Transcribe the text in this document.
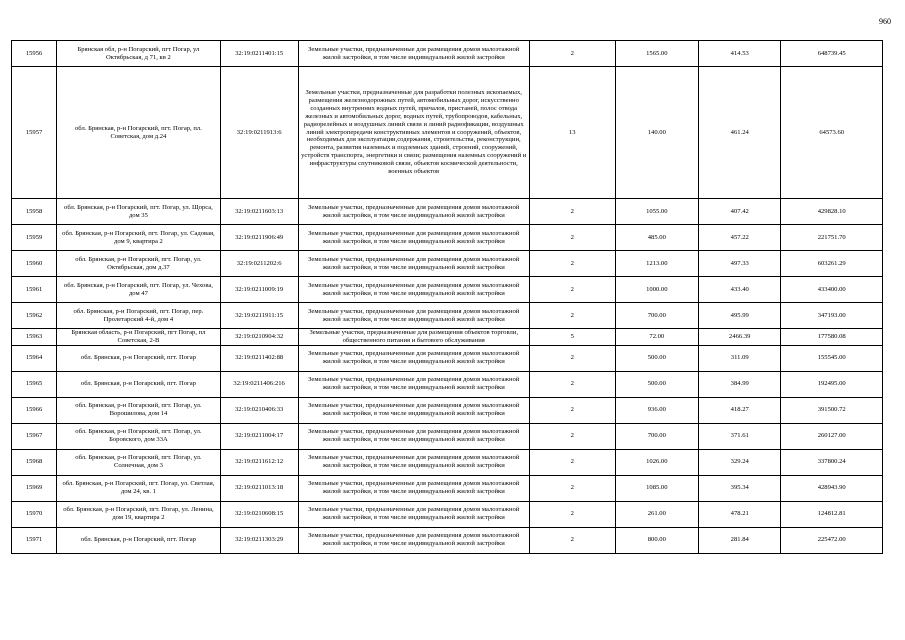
960
15956	Брянская обл, р-н Погарский, пгт Погар, ул Октябрьская, д 71, кв 2	32:19:0211401:15	Земельные участки, предназначенные для размещения домов малоэтажной жилой застройки, в том числе индивидуальной жилой застройки	2	1565.00	414.53	648739.45
15957	обл. Брянская, р-н Погарский, пгт. Погар, пл. Советская, дом д.24	32:19:0211913:6	Земельные участки, предназначенные для разработки полезных ископаемых, размещения железнодорожных путей, автомобильных дорог, искусственно созданных внутренних водных путей, причалов, пристаней, полос отвода железных и автомобильных дорог, водных путей, трубопроводов, кабельных, радиорелейных и воздушных линий связи и линий радиофикации, воздушных линий электропередачи конструктивных элементов и сооружений, объектов, необходимых для эксплуатации,содержания, строительства, реконструкции, ремонта, развития наземных и подземных зданий, строений, сооружений, устройств транспорта, энергетики и связи; размещения наземных сооружений и инфраструктуры спутниковой связи, объектов космической деятельности, военных объектов	13	140.00	461.24	64573.60
15958	обл. Брянская, р-н Погарский, пгт. Погар, ул. Щорса, дом 35	32:19:0211603:13	Земельные участки, предназначенные для размещения домов малоэтажной жилой застройки, в том числе индивидуальной жилой застройки	2	1055.00	407.42	429828.10
15959	обл. Брянская, р-н Погарский, пгт. Погар, ул. Садовая, дом 9, квартира 2	32:19:0211906:49	Земельные участки, предназначенные для размещения домов малоэтажной жилой застройки, в том числе индивидуальной жилой застройки	2	485.00	457.22	221751.70
15960	обл. Брянская, р-н Погарский, пгт. Погар, ул. Октябрьская, дом д.37	32:19:0211202:6	Земельные участки, предназначенные для размещения домов малоэтажной жилой застройки, в том числе индивидуальной жилой застройки	2	1213.00	497.33	603261.29
15961	обл. Брянская, р-н Погарский, пгт. Погар, ул. Чехова, дом 47	32:19:0211009:19	Земельные участки, предназначенные для размещения домов малоэтажной жилой застройки, в том числе индивидуальной жилой застройки	2	1000.00	433.40	433400.00
15962	обл. Брянская, р-н Погарский, пгт. Погар, пер. Пролетарский 4-й, дом 4	32:19:0211911:15	Земельные участки, предназначенные для размещения домов малоэтажной жилой застройки, в том числе индивидуальной жилой застройки	2	700.00	495.99	347193.00
15963	Брянская область, р-н Погарский, пгт Погар, пл Советская, 2-В	32:19:0210904:32	Земельные участки, предназначенные для размещения объектов торговли, общественного питания и бытового обслуживания	5	72.00	2466.39	177580.08
15964	обл. Брянская, р-н Погарский, пгт. Погар	32:19:0211402:88	Земельные участки, предназначенные для размещения домов малоэтажной жилой застройки, в том числе индивидуальной жилой застройки	2	500.00	311.09	155545.00
15965	обл. Брянская, р-н Погарский, пгт. Погар	32:19:0211406:216	Земельные участки, предназначенные для размещения домов малоэтажной жилой застройки, в том числе индивидуальной жилой застройки	2	500.00	384.99	192495.00
15966	обл. Брянская, р-н Погарский, пгт. Погар, ул. Ворошилова, дом 14	32:19:0210406:33	Земельные участки, предназначенные для размещения домов малоэтажной жилой застройки, в том числе индивидуальной жилой застройки	2	936.00	418.27	391500.72
15967	обл. Брянская, р-н Погарский, пгт. Погар, ул. Боровского, дом 33А	32:19:0211004:17	Земельные участки, предназначенные для размещения домов малоэтажной жилой застройки, в том числе индивидуальной жилой застройки	2	700.00	371.61	260127.00
15968	обл. Брянская, р-н Погарский, пгт. Погар, ул. Солнечная, дом 3	32:19:0211612:12	Земельные участки, предназначенные для размещения домов малоэтажной жилой застройки, в том числе индивидуальной жилой застройки	2	1026.00	329.24	337800.24
15969	обл. Брянская, р-н Погарский, пгт. Погар, ул. Светлая, дом 24, кв. 1	32:19:0211013:18	Земельные участки, предназначенные для размещения домов малоэтажной жилой застройки, в том числе индивидуальной жилой застройки	2	1085.00	395.34	428943.90
15970	обл. Брянская, р-н Погарский, пгт. Погар, ул. Ленина, дом 19, квартира 2	32:19:0210608:15	Земельные участки, предназначенные для размещения домов малоэтажной жилой застройки, в том числе индивидуальной жилой застройки	2	261.00	478.21	124812.81
15971	обл. Брянская, р-н Погарский, пгт. Погар	32:19:0211303:29	Земельные участки, предназначенные для размещения домов малоэтажной жилой застройки, в том числе индивидуальной жилой застройки	2	800.00	281.84	225472.00
